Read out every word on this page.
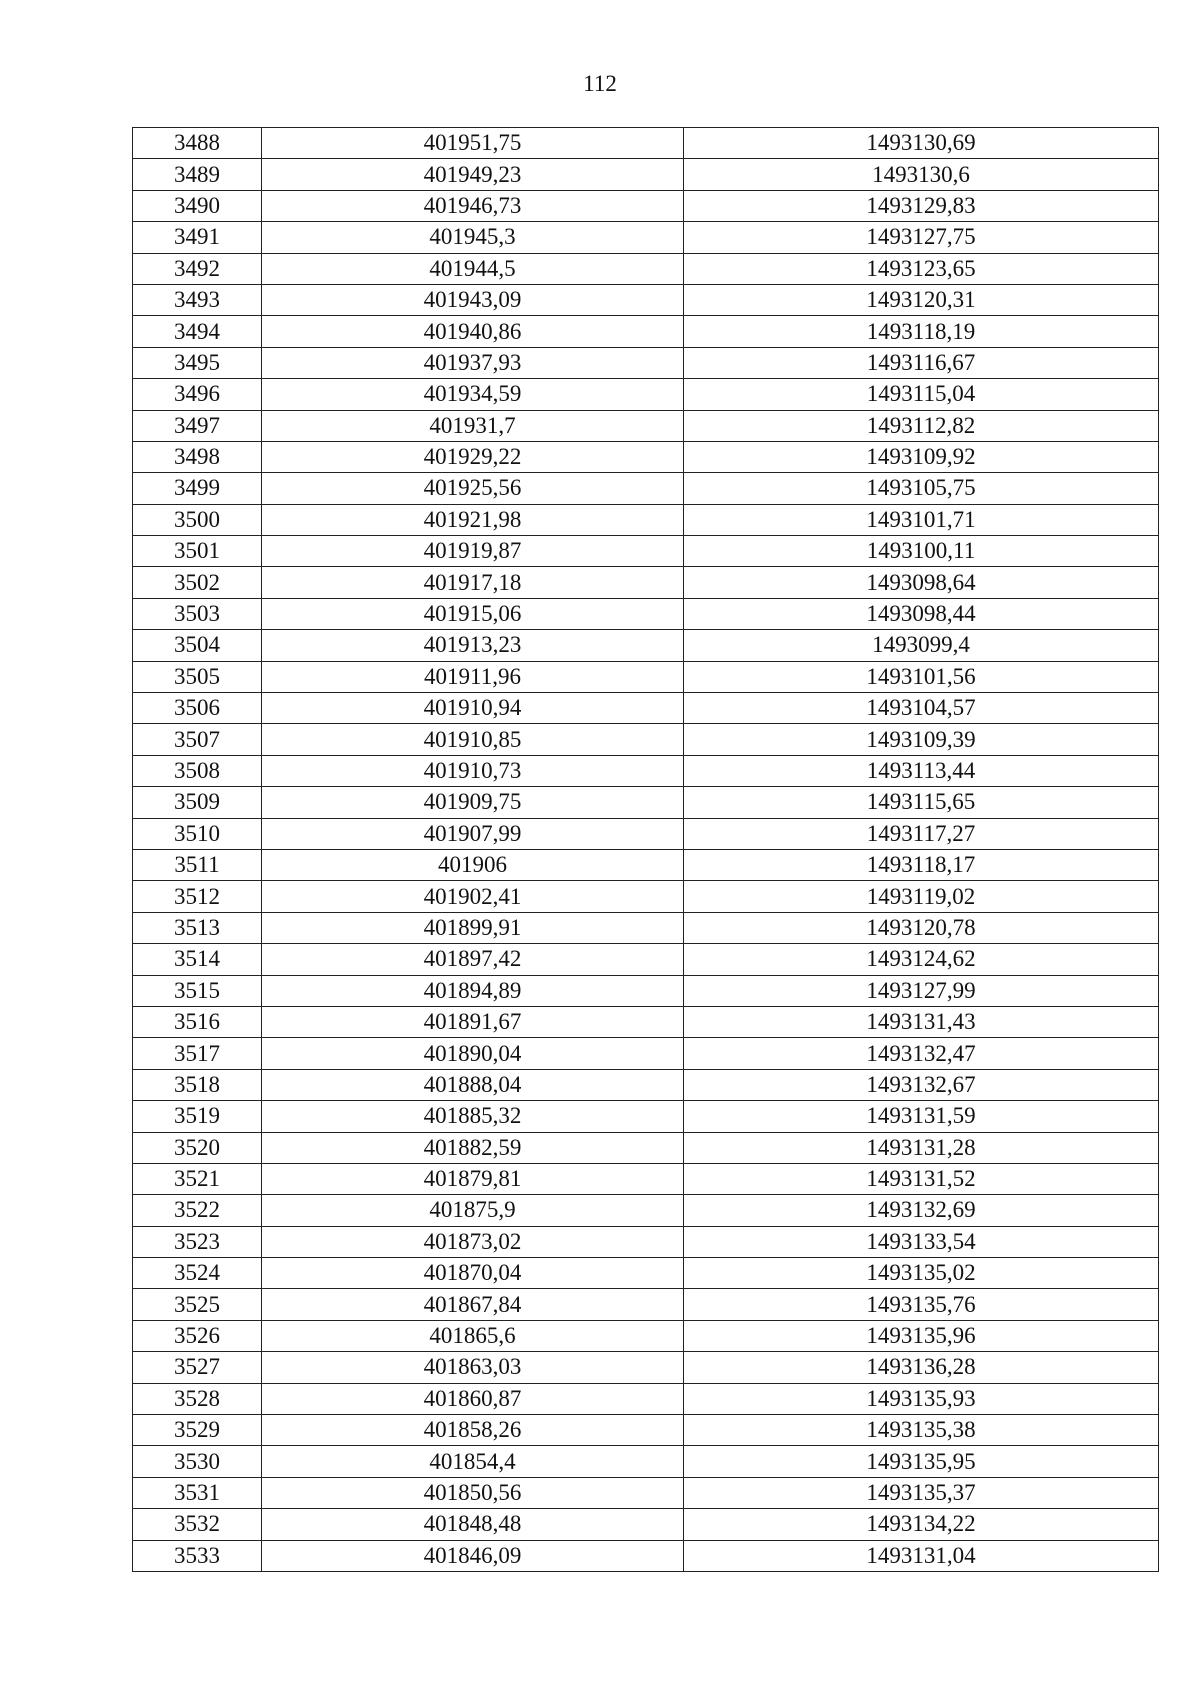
112
3488	401951,75	1493130,69
3489	401949,23	1493130,6
3490	401946,73	1493129,83
3491	401945,3	1493127,75
3492	401944,5	1493123,65
3493	401943,09	1493120,31
3494	401940,86	1493118,19
3495	401937,93	1493116,67
3496	401934,59	1493115,04
3497	401931,7	1493112,82
3498	401929,22	1493109,92
3499	401925,56	1493105,75
3500	401921,98	1493101,71
3501	401919,87	1493100,11
3502	401917,18	1493098,64
3503	401915,06	1493098,44
3504	401913,23	1493099,4
3505	401911,96	1493101,56
3506	401910,94	1493104,57
3507	401910,85	1493109,39
3508	401910,73	1493113,44
3509	401909,75	1493115,65
3510	401907,99	1493117,27
3511	401906	1493118,17
3512	401902,41	1493119,02
3513	401899,91	1493120,78
3514	401897,42	1493124,62
3515	401894,89	1493127,99
3516	401891,67	1493131,43
3517	401890,04	1493132,47
3518	401888,04	1493132,67
3519	401885,32	1493131,59
3520	401882,59	1493131,28
3521	401879,81	1493131,52
3522	401875,9	1493132,69
3523	401873,02	1493133,54
3524	401870,04	1493135,02
3525	401867,84	1493135,76
3526	401865,6	1493135,96
3527	401863,03	1493136,28
3528	401860,87	1493135,93
3529	401858,26	1493135,38
3530	401854,4	1493135,95
3531	401850,56	1493135,37
3532	401848,48	1493134,22
3533	401846,09	1493131,04
